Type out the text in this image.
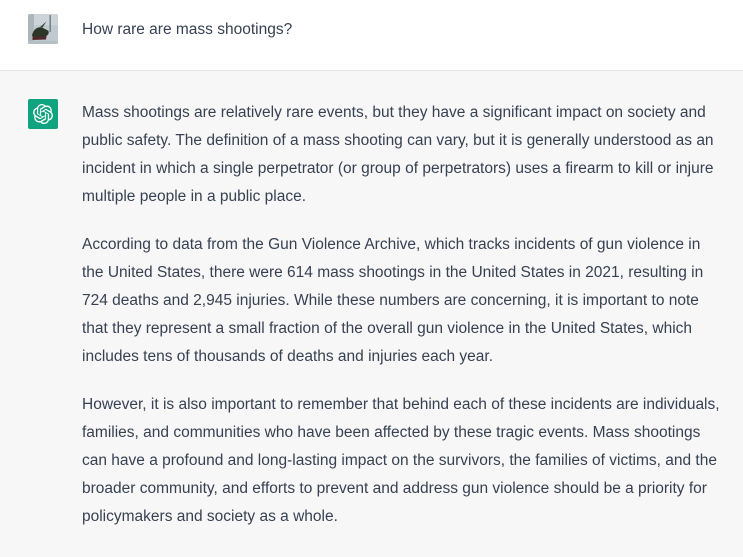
How rare are mass shootings?

Mass shootings are relatively rare events, but they have a significant impact on society and public safety. The definition of a mass shooting can vary, but it is generally understood as an incident in which a single perpetrator (or group of perpetrators) uses a firearm to kill or injure multiple people in a public place.

According to data from the Gun Violence Archive, which tracks incidents of gun violence in the United States, there were 614 mass shootings in the United States in 2021, resulting in 724 deaths and 2,945 injuries. While these numbers are concerning, it is important to note that they represent a small fraction of the overall gun violence in the United States, which includes tens of thousands of deaths and injuries each year.

However, it is also important to remember that behind each of these incidents are individuals, families, and communities who have been affected by these tragic events. Mass shootings can have a profound and long-lasting impact on the survivors, the families of victims, and the broader community, and efforts to prevent and address gun violence should be a priority for policymakers and society as a whole.
